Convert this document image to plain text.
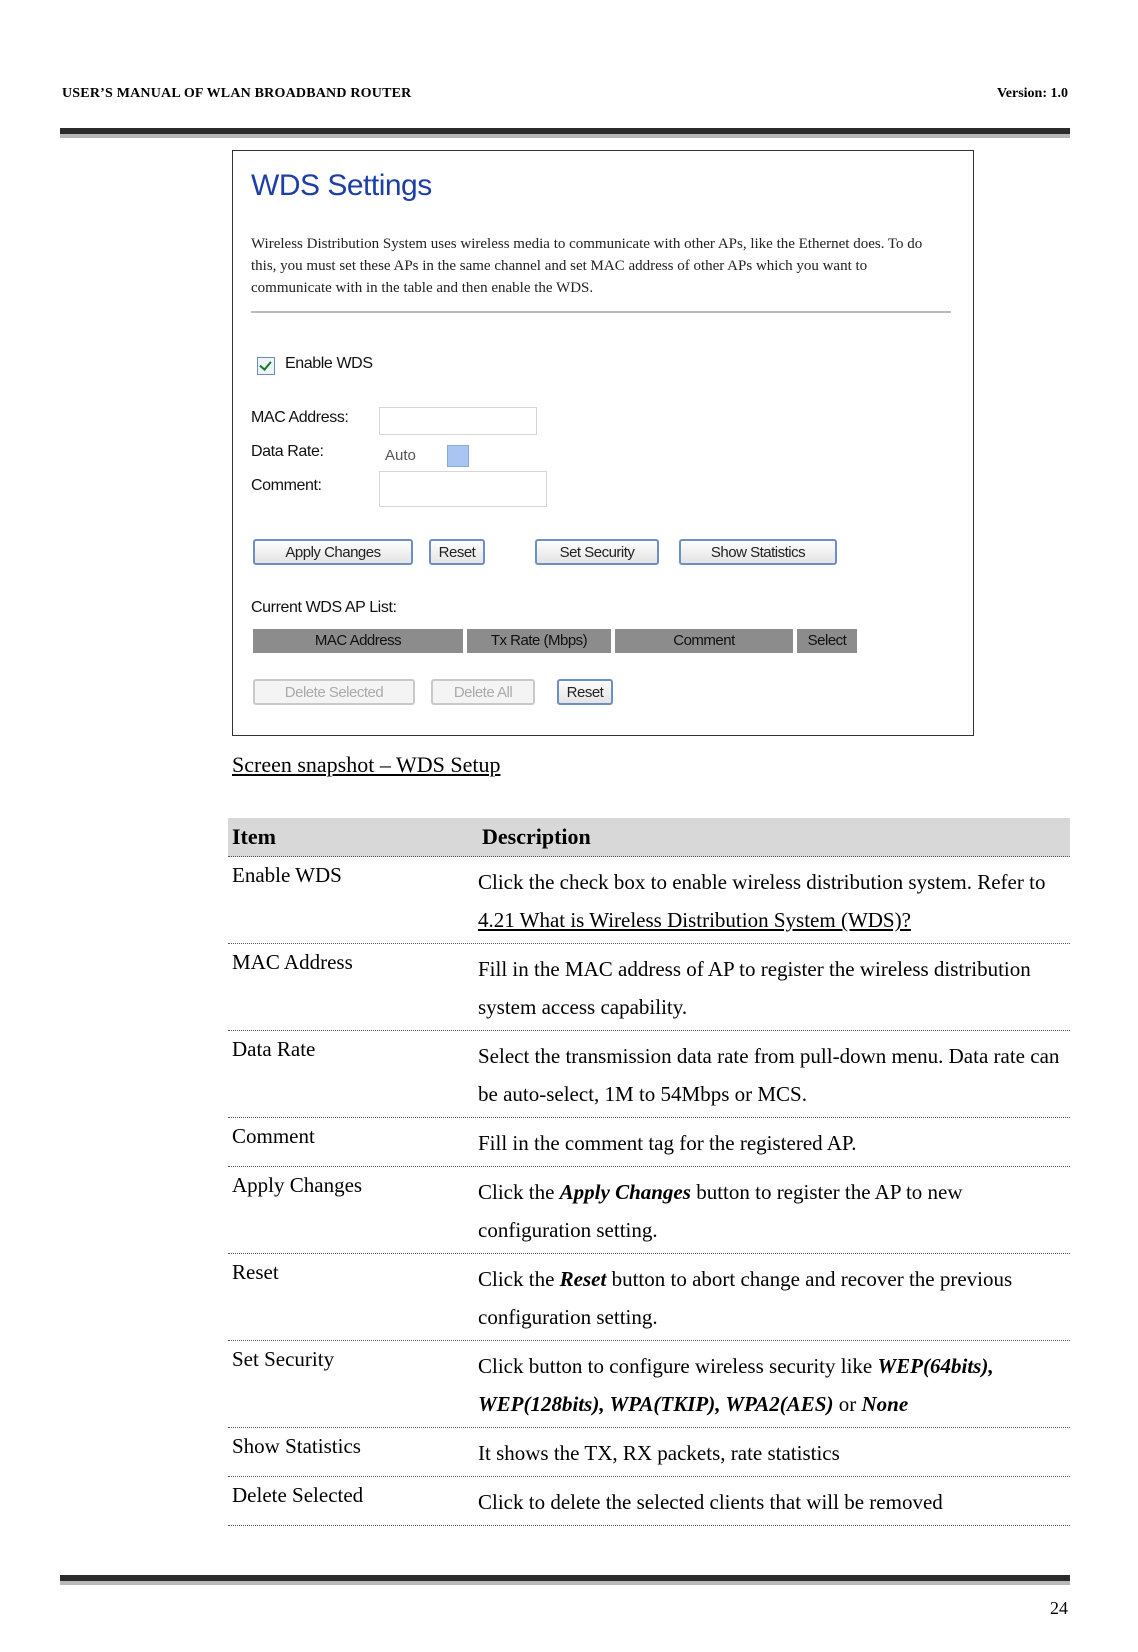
USER’S MANUAL OF WLAN BROADBAND ROUTER	Version: 1.0
WDS Settings
Wireless Distribution System uses wireless media to communicate with other APs, like the Ethernet does. To do this, you must set these APs in the same channel and set MAC address of other APs which you want to communicate with in the table and then enable the WDS.
Enable WDS
MAC Address:
Data Rate:	Auto
Comment:
Apply Changes	Reset	Set Security	Show Statistics
Current WDS AP List:
MAC Address	Tx Rate (Mbps)	Comment	Select
Delete Selected	Delete All	Reset
Screen snapshot – WDS Setup
Item	Description
Enable WDS	Click the check box to enable wireless distribution system. Refer to 4.21 What is Wireless Distribution System (WDS)?
MAC Address	Fill in the MAC address of AP to register the wireless distribution system access capability.
Data Rate	Select the transmission data rate from pull-down menu. Data rate can be auto-select, 1M to 54Mbps or MCS.
Comment	Fill in the comment tag for the registered AP.
Apply Changes	Click the Apply Changes button to register the AP to new configuration setting.
Reset	Click the Reset button to abort change and recover the previous configuration setting.
Set Security	Click button to configure wireless security like WEP(64bits), WEP(128bits), WPA(TKIP), WPA2(AES) or None
Show Statistics	It shows the TX, RX packets, rate statistics
Delete Selected	Click to delete the selected clients that will be removed
24
